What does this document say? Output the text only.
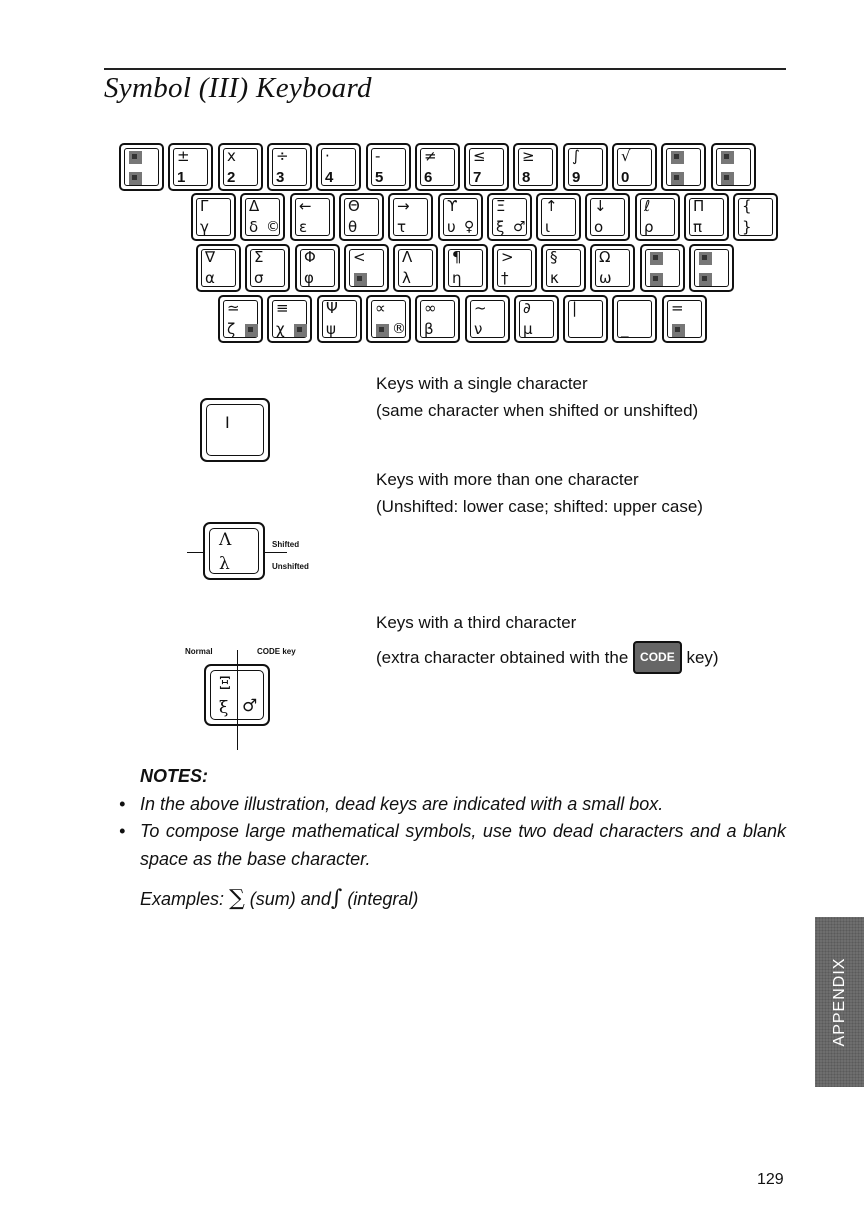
Symbol (III) Keyboard
±
1
x
2
÷
3
·
4
-
5
≠
6
≤
7
≥
8
∫
9
√
0
Γ
γ
Δ
δ ©
←
ε
Θ
θ
→
τ
ϒ
υ ♀
Ξ
ξ ♂
↑
ι
↓
ο
ℓ
ρ
Π
π
{
}
∇
α
Σ
σ
Φ
φ
< Λ
λ
¶
η
>
†
§
κ
Ω
ω
≃
ζ
≡
χ
Ψ
ψ
∝
®
∞
β
~
ν
∂
μ
|
_
=
I
Keys with a single character
(same character when shifted or unshifted)
Λ
λ
Shifted
Unshifted
Keys with more than one character
(Unshifted: lower case; shifted: upper case)
Normal	CODE key
Ξ
ξ ♂
Keys with a third character
(extra character obtained with the CODE key)
NOTES:
• In the above illustration, dead keys are indicated with a small box.
• To compose large mathematical symbols, use two dead characters and a blank space as the base character.
Examples: ∑ (sum) and∫ (integral)
APPENDIX
129
